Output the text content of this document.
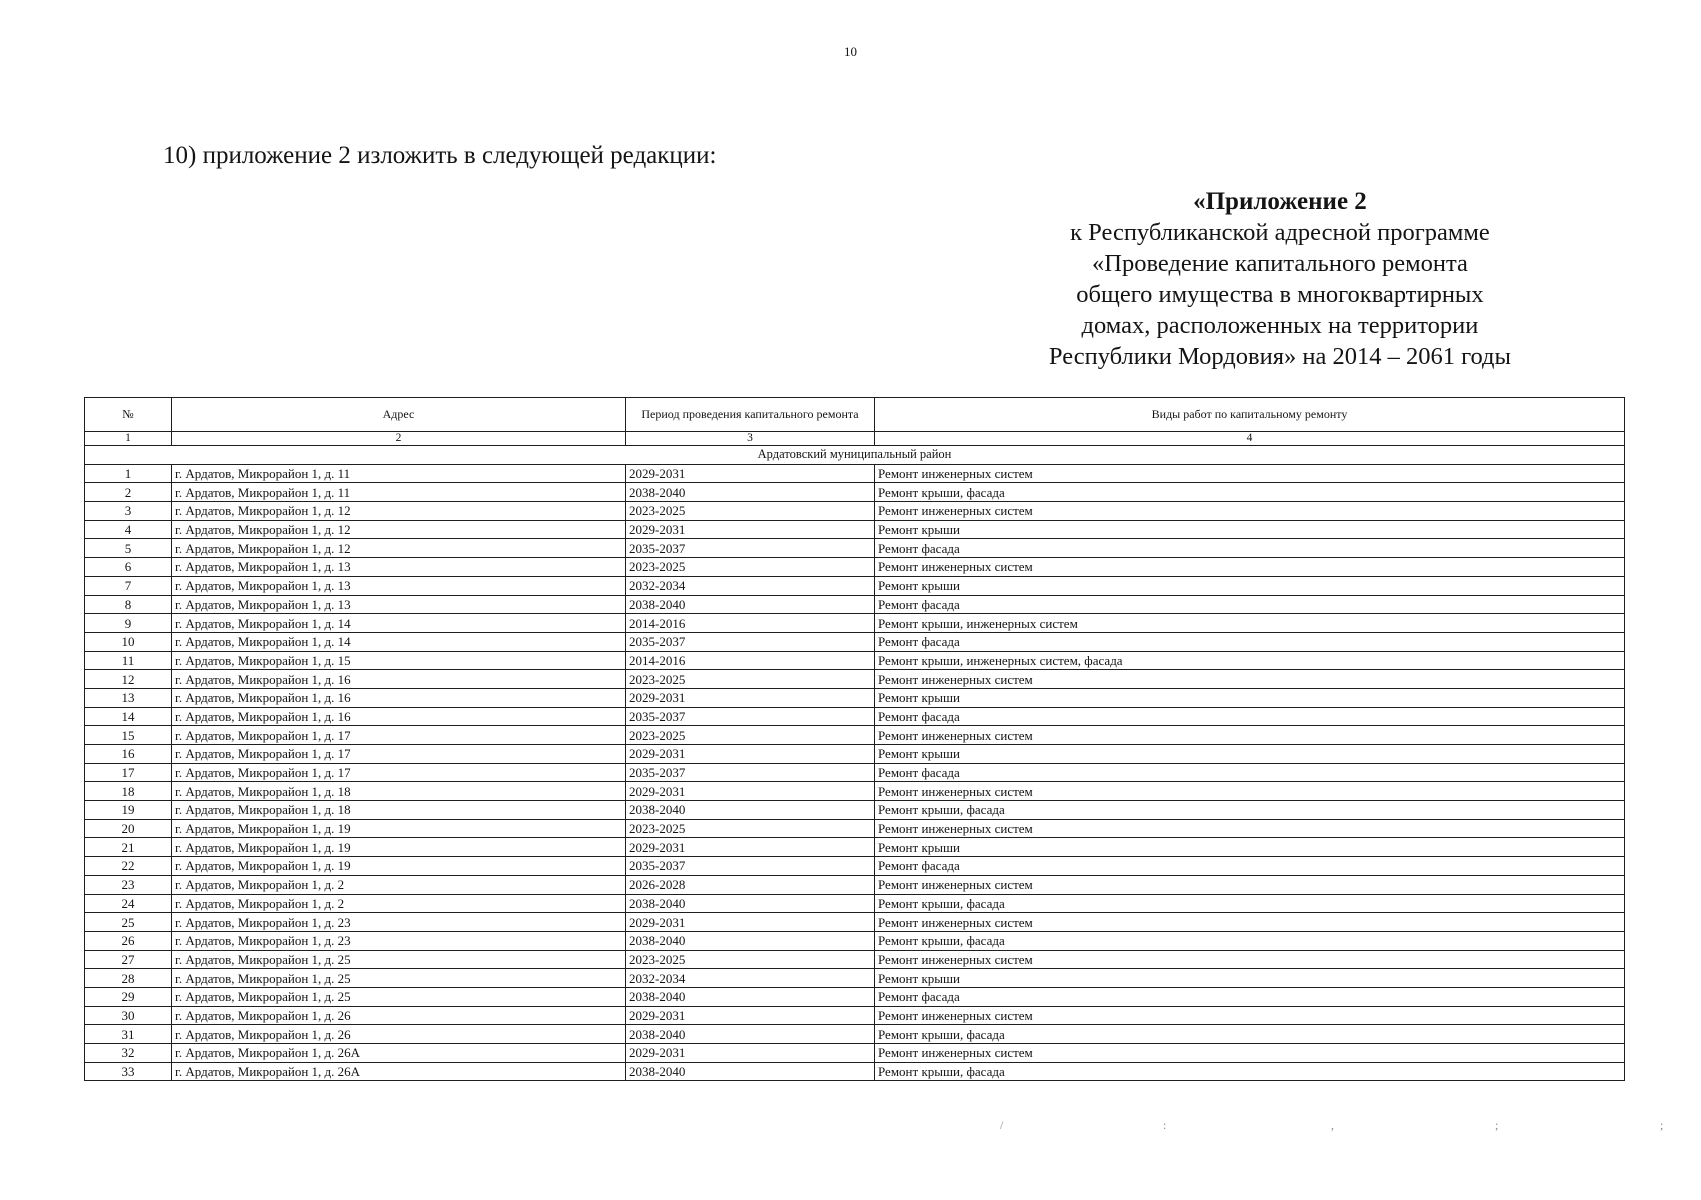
10
10) приложение 2 изложить в следующей редакции:
«Приложение 2
к Республиканской адресной программе
«Проведение капитального ремонта
общего имущества в многоквартирных
домах, расположенных на территории
Республики Мордовия» на 2014 – 2061 годы
№	Адрес	Период проведения капитального ремонта	Виды работ по капитальному ремонту
1	2	3	4
Ардатовский муниципальный район			
1	г. Ардатов, Микрорайон 1, д. 11	2029-2031	Ремонт инженерных систем
2	г. Ардатов, Микрорайон 1, д. 11	2038-2040	Ремонт крыши, фасада
3	г. Ардатов, Микрорайон 1, д. 12	2023-2025	Ремонт инженерных систем
4	г. Ардатов, Микрорайон 1, д. 12	2029-2031	Ремонт крыши
5	г. Ардатов, Микрорайон 1, д. 12	2035-2037	Ремонт фасада
6	г. Ардатов, Микрорайон 1, д. 13	2023-2025	Ремонт инженерных систем
7	г. Ардатов, Микрорайон 1, д. 13	2032-2034	Ремонт крыши
8	г. Ардатов, Микрорайон 1, д. 13	2038-2040	Ремонт фасада
9	г. Ардатов, Микрорайон 1, д. 14	2014-2016	Ремонт крыши, инженерных систем
10	г. Ардатов, Микрорайон 1, д. 14	2035-2037	Ремонт фасада
11	г. Ардатов, Микрорайон 1, д. 15	2014-2016	Ремонт крыши, инженерных систем, фасада
12	г. Ардатов, Микрорайон 1, д. 16	2023-2025	Ремонт инженерных систем
13	г. Ардатов, Микрорайон 1, д. 16	2029-2031	Ремонт крыши
14	г. Ардатов, Микрорайон 1, д. 16	2035-2037	Ремонт фасада
15	г. Ардатов, Микрорайон 1, д. 17	2023-2025	Ремонт инженерных систем
16	г. Ардатов, Микрорайон 1, д. 17	2029-2031	Ремонт крыши
17	г. Ардатов, Микрорайон 1, д. 17	2035-2037	Ремонт фасада
18	г. Ардатов, Микрорайон 1, д. 18	2029-2031	Ремонт инженерных систем
19	г. Ардатов, Микрорайон 1, д. 18	2038-2040	Ремонт крыши, фасада
20	г. Ардатов, Микрорайон 1, д. 19	2023-2025	Ремонт инженерных систем
21	г. Ардатов, Микрорайон 1, д. 19	2029-2031	Ремонт крыши
22	г. Ардатов, Микрорайон 1, д. 19	2035-2037	Ремонт фасада
23	г. Ардатов, Микрорайон 1, д. 2	2026-2028	Ремонт инженерных систем
24	г. Ардатов, Микрорайон 1, д. 2	2038-2040	Ремонт крыши, фасада
25	г. Ардатов, Микрорайон 1, д. 23	2029-2031	Ремонт инженерных систем
26	г. Ардатов, Микрорайон 1, д. 23	2038-2040	Ремонт крыши, фасада
27	г. Ардатов, Микрорайон 1, д. 25	2023-2025	Ремонт инженерных систем
28	г. Ардатов, Микрорайон 1, д. 25	2032-2034	Ремонт крыши
29	г. Ардатов, Микрорайон 1, д. 25	2038-2040	Ремонт фасада
30	г. Ардатов, Микрорайон 1, д. 26	2029-2031	Ремонт инженерных систем
31	г. Ардатов, Микрорайон 1, д. 26	2038-2040	Ремонт крыши, фасада
32	г. Ардатов, Микрорайон 1, д. 26А	2029-2031	Ремонт инженерных систем
33	г. Ардатов, Микрорайон 1, д. 26А	2038-2040	Ремонт крыши, фасада
/	:	,	;	;
